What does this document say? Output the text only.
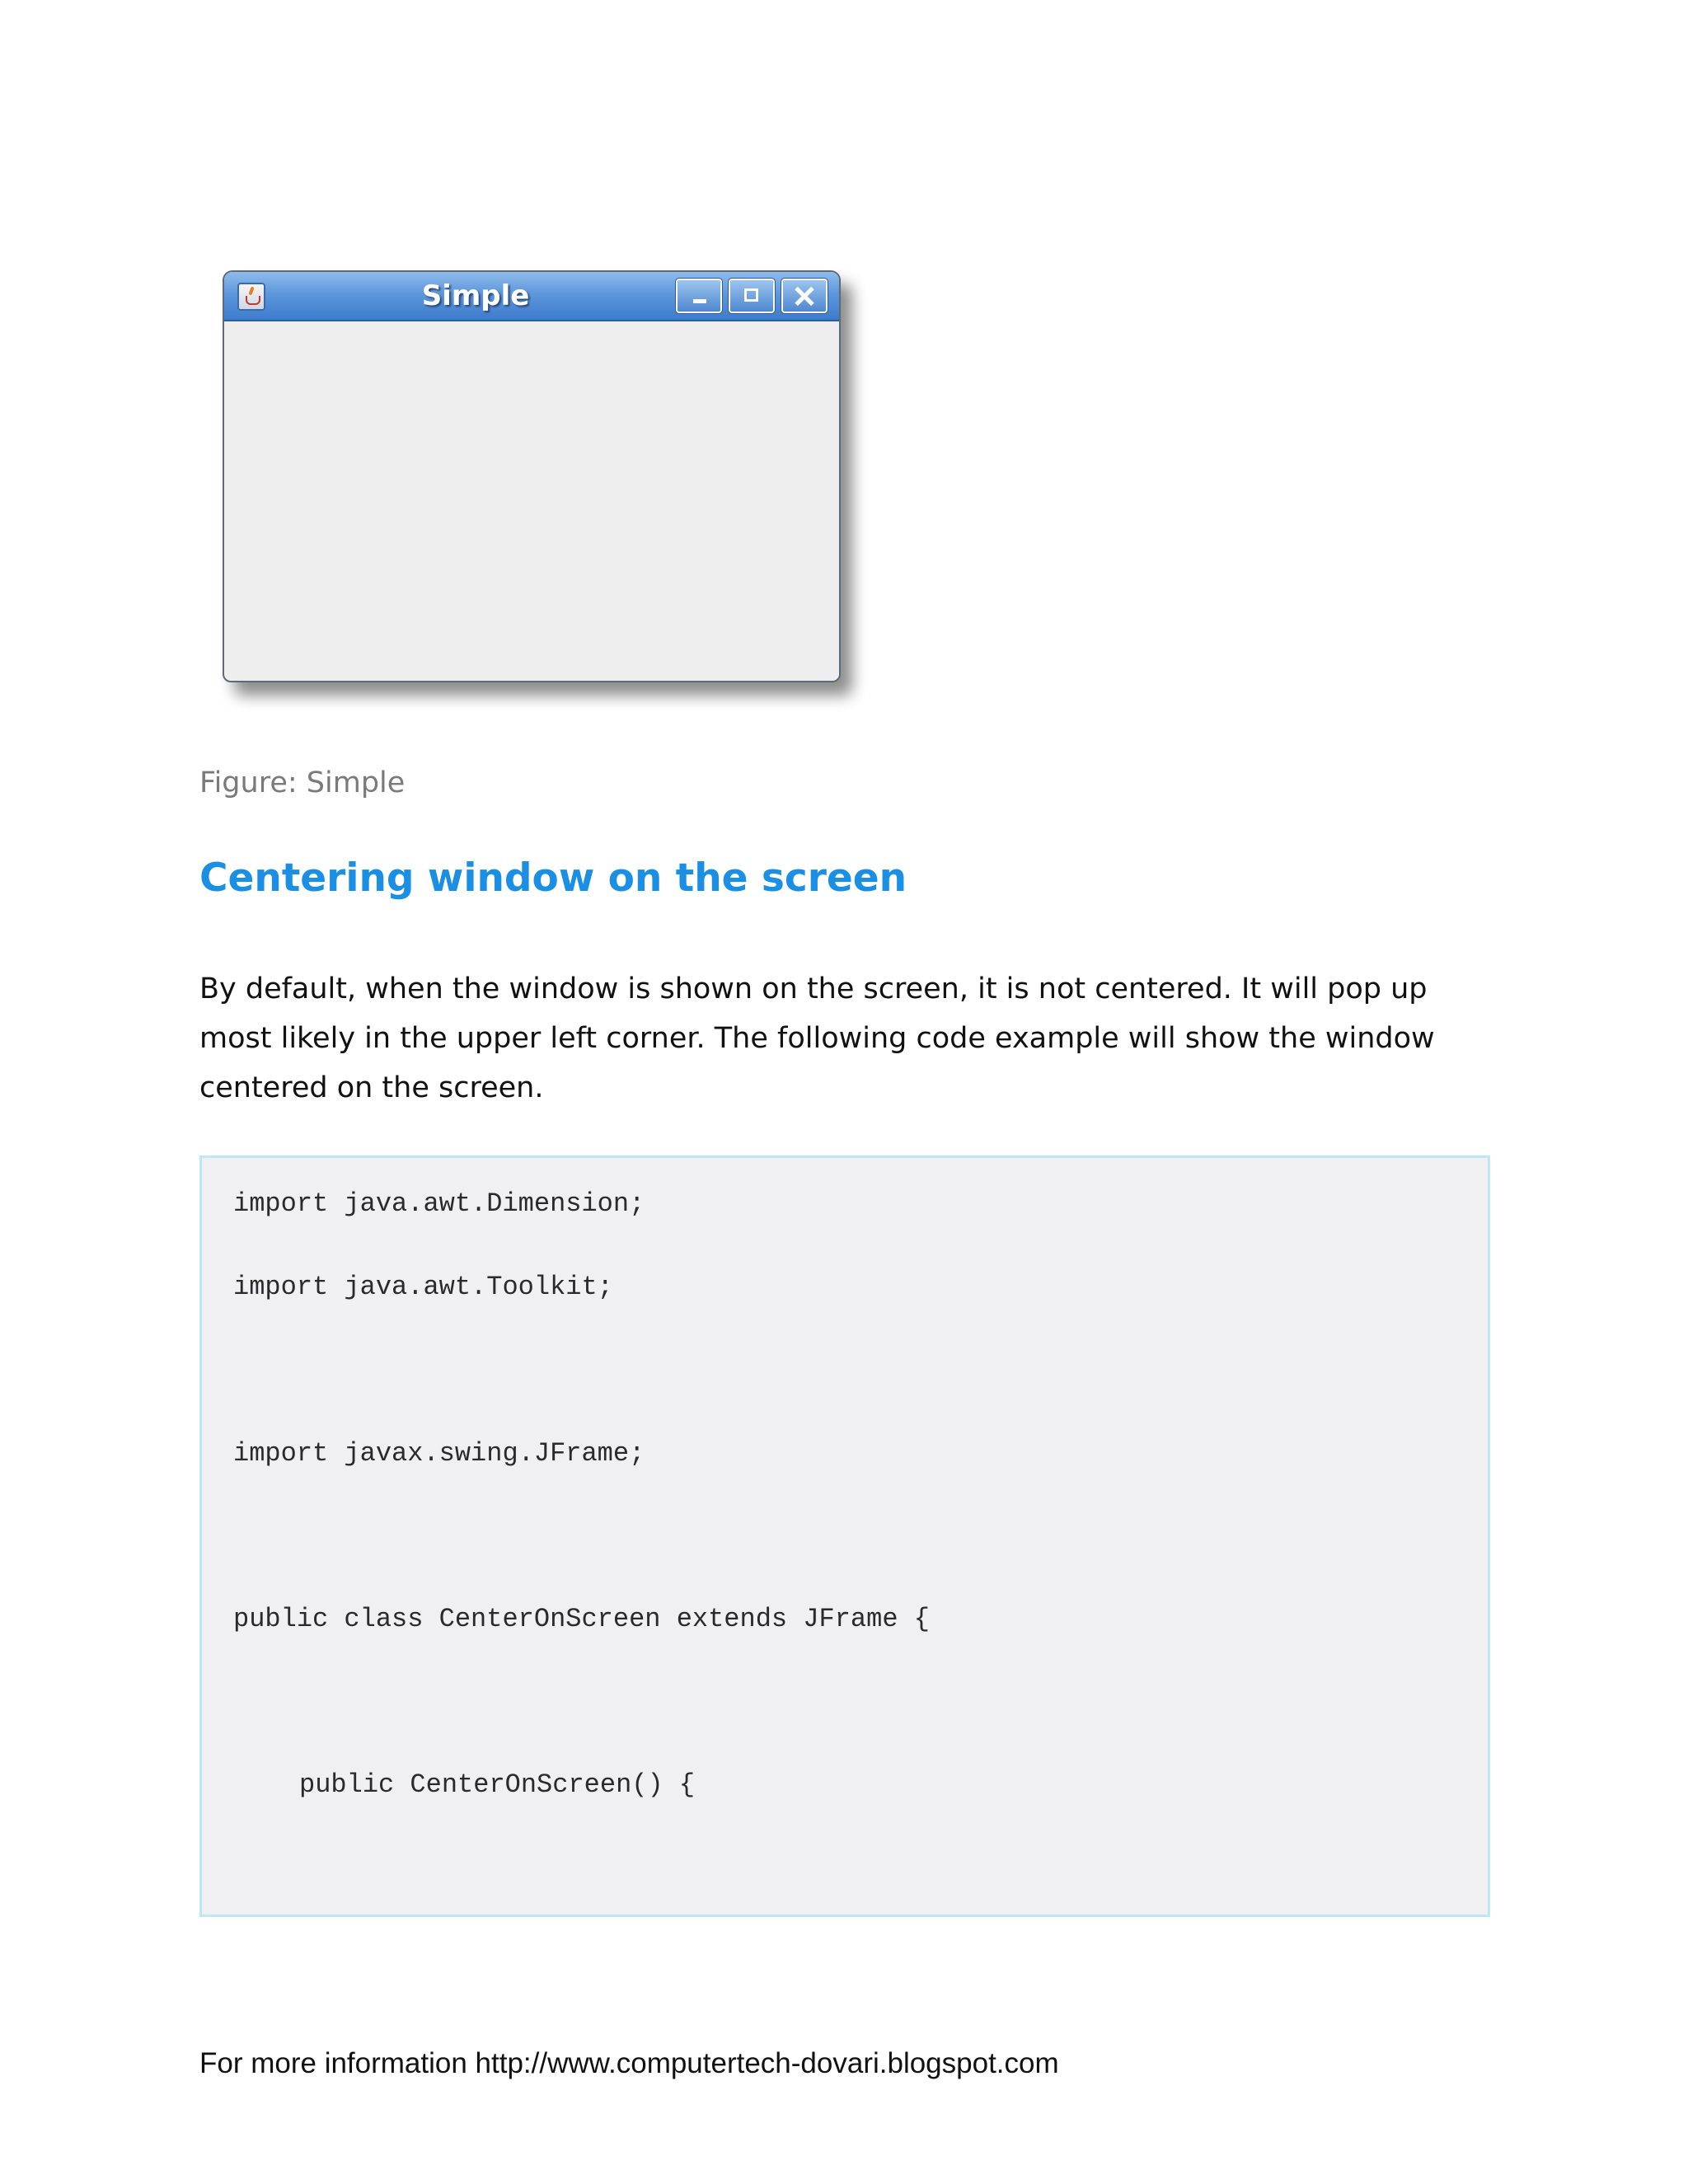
Simple
Figure: Simple
Centering window on the screen

By default, when the window is shown on the screen, it is not centered. It will pop up most likely in the upper left corner. The following code example will show the window centered on the screen.

import java.awt.Dimension;
import java.awt.Toolkit;
import javax.swing.JFrame;
public class CenterOnScreen extends JFrame {
public CenterOnScreen() {
For more information http://www.computertech-dovari.blogspot.com
